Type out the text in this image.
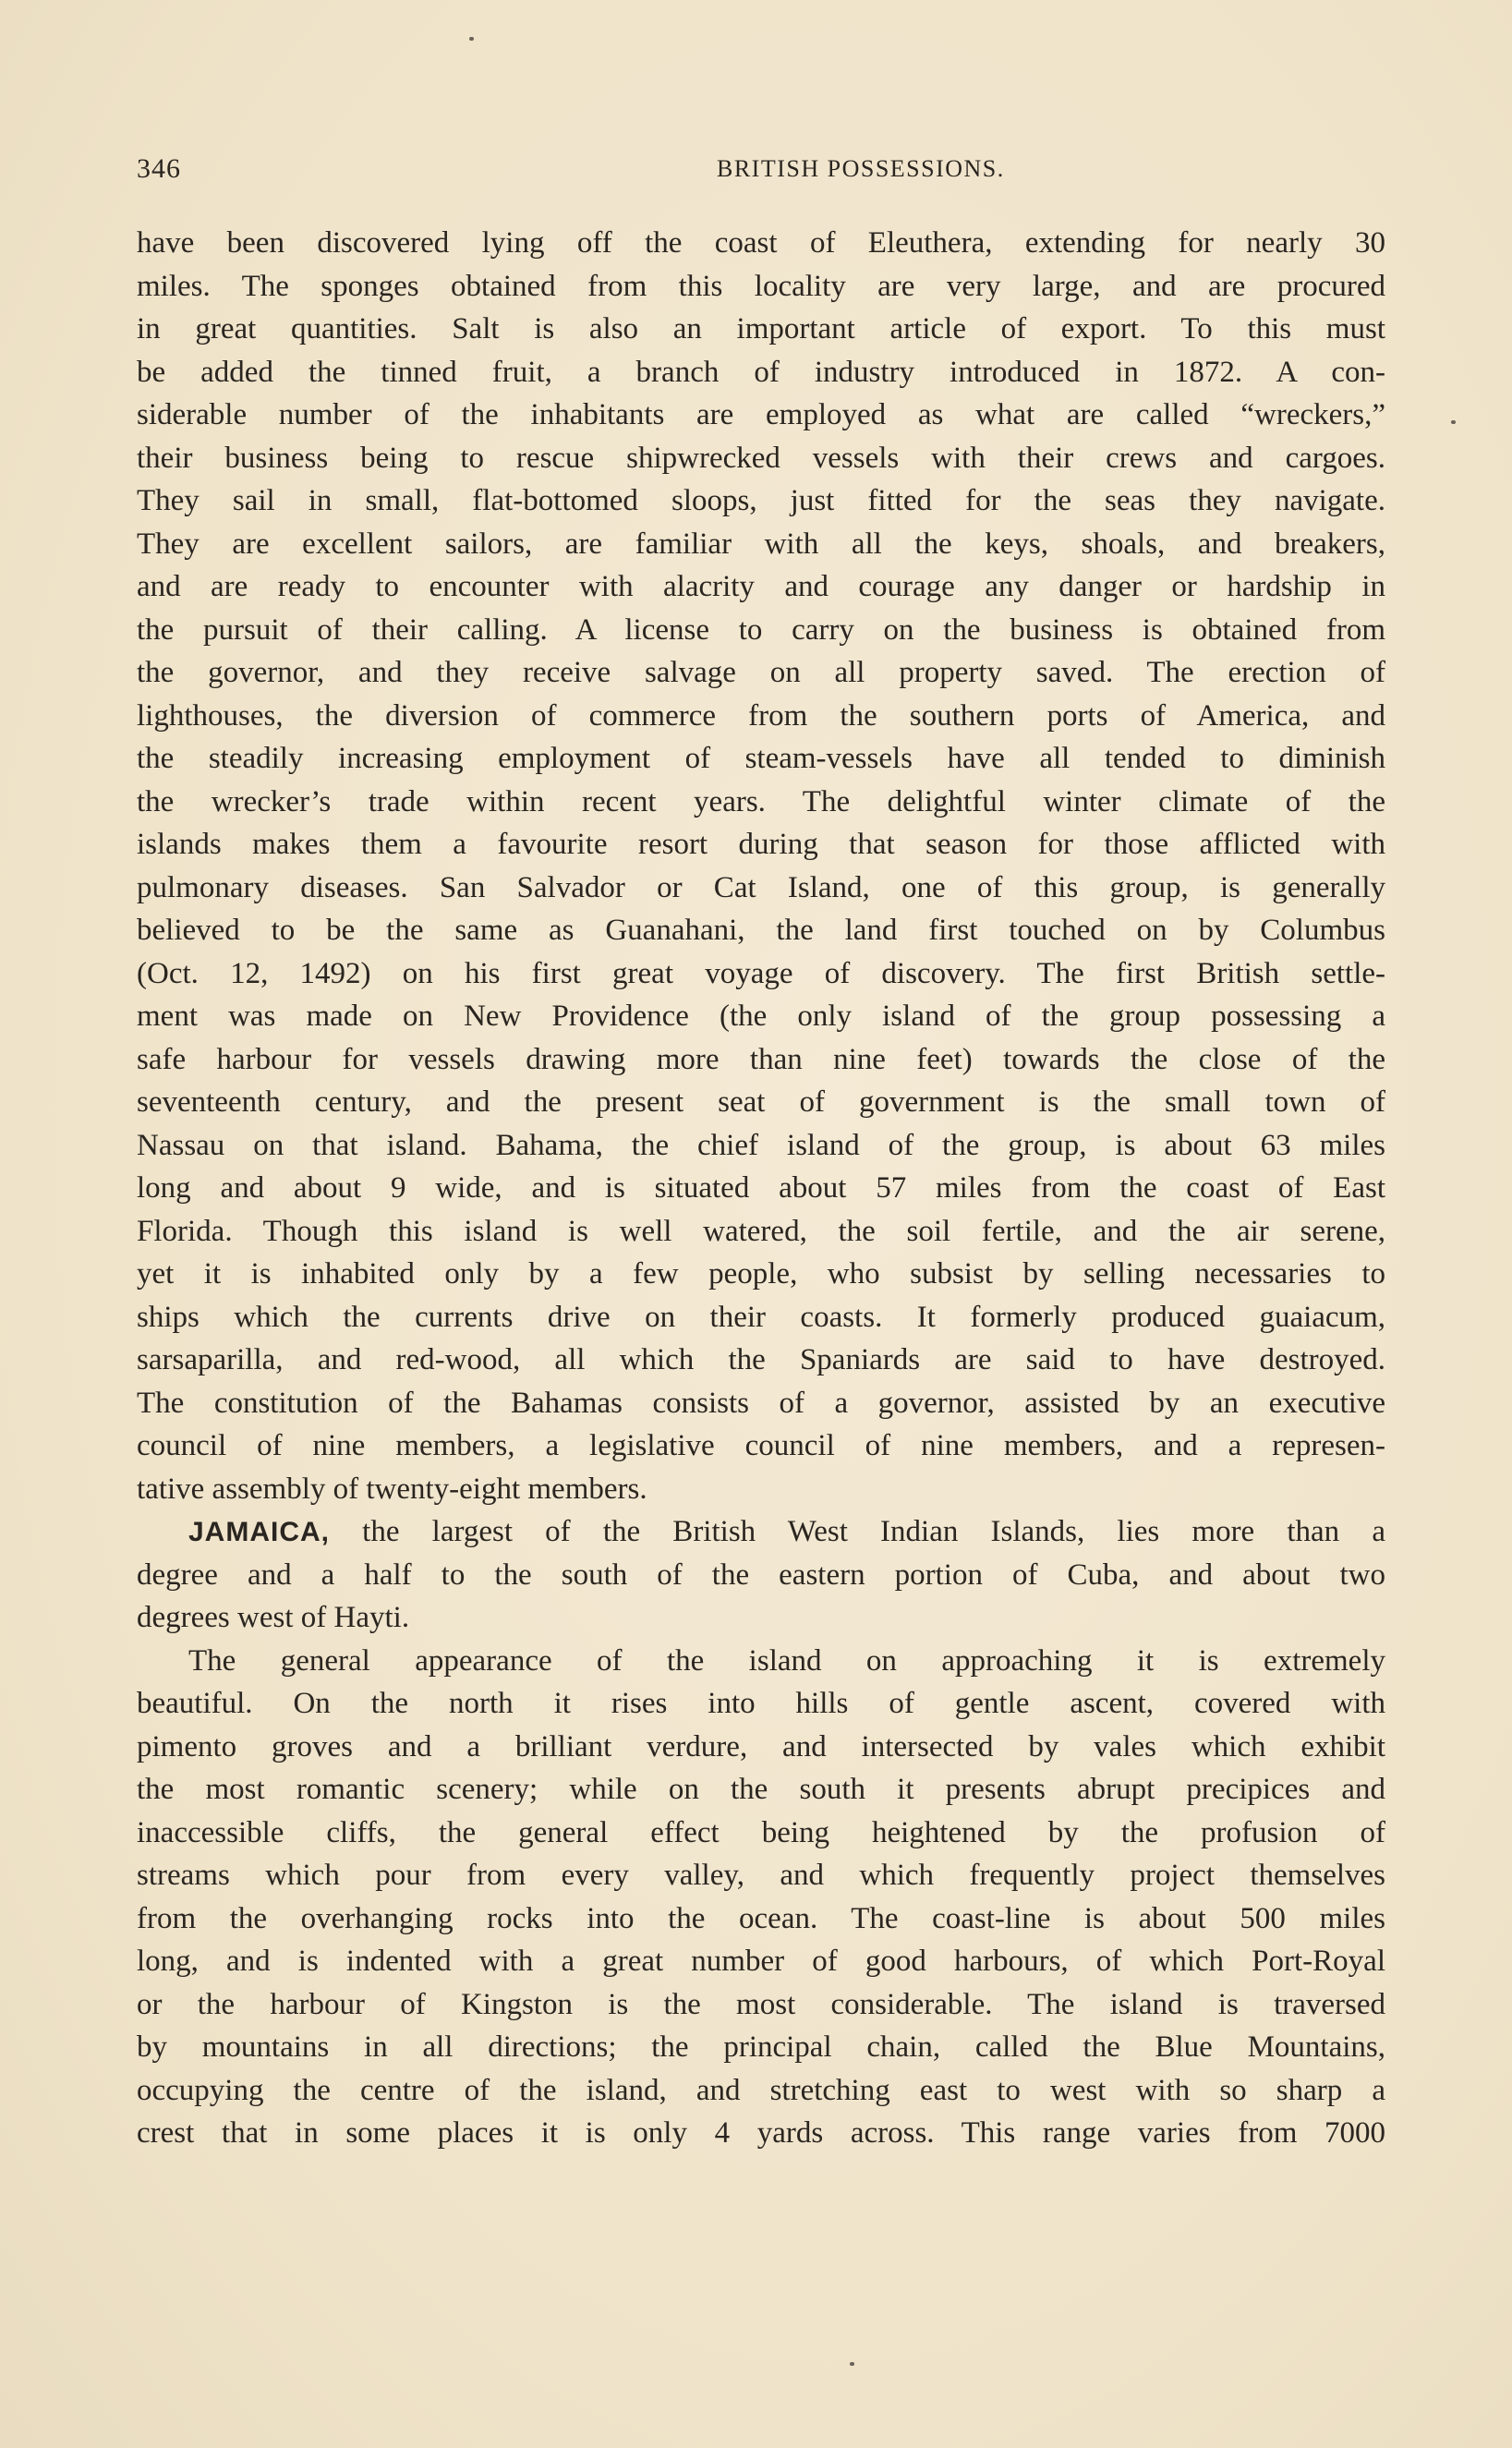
346	BRITISH POSSESSIONS.
have been discovered lying off the coast of Eleuthera, extending for nearly 30
miles. The sponges obtained from this locality are very large, and are procured
in great quantities. Salt is also an important article of export. To this must
be added the tinned fruit, a branch of industry introduced in 1872. A con-
siderable number of the inhabitants are employed as what are called “wreckers,”
their business being to rescue shipwrecked vessels with their crews and cargoes.
They sail in small, flat-bottomed sloops, just fitted for the seas they navigate.
They are excellent sailors, are familiar with all the keys, shoals, and breakers,
and are ready to encounter with alacrity and courage any danger or hardship in
the pursuit of their calling. A license to carry on the business is obtained from
the governor, and they receive salvage on all property saved. The erection of
lighthouses, the diversion of commerce from the southern ports of America, and
the steadily increasing employment of steam-vessels have all tended to diminish
the wrecker’s trade within recent years. The delightful winter climate of the
islands makes them a favourite resort during that season for those afflicted with
pulmonary diseases. San Salvador or Cat Island, one of this group, is generally
believed to be the same as Guanahani, the land first touched on by Columbus
(Oct. 12, 1492) on his first great voyage of discovery. The first British settle-
ment was made on New Providence (the only island of the group possessing a
safe harbour for vessels drawing more than nine feet) towards the close of the
seventeenth century, and the present seat of government is the small town of
Nassau on that island. Bahama, the chief island of the group, is about 63 miles
long and about 9 wide, and is situated about 57 miles from the coast of East
Florida. Though this island is well watered, the soil fertile, and the air serene,
yet it is inhabited only by a few people, who subsist by selling necessaries to
ships which the currents drive on their coasts. It formerly produced guaiacum,
sarsaparilla, and red-wood, all which the Spaniards are said to have destroyed.
The constitution of the Bahamas consists of a governor, assisted by an executive
council of nine members, a legislative council of nine members, and a represen-
tative assembly of twenty-eight members.
JAMAICA, the largest of the British West Indian Islands, lies more than a
degree and a half to the south of the eastern portion of Cuba, and about two
degrees west of Hayti.
The general appearance of the island on approaching it is extremely
beautiful. On the north it rises into hills of gentle ascent, covered with
pimento groves and a brilliant verdure, and intersected by vales which exhibit
the most romantic scenery; while on the south it presents abrupt precipices and
inaccessible cliffs, the general effect being heightened by the profusion of
streams which pour from every valley, and which frequently project themselves
from the overhanging rocks into the ocean. The coast-line is about 500 miles
long, and is indented with a great number of good harbours, of which Port-Royal
or the harbour of Kingston is the most considerable. The island is traversed
by mountains in all directions; the principal chain, called the Blue Mountains,
occupying the centre of the island, and stretching east to west with so sharp a
crest that in some places it is only 4 yards across. This range varies from 7000
